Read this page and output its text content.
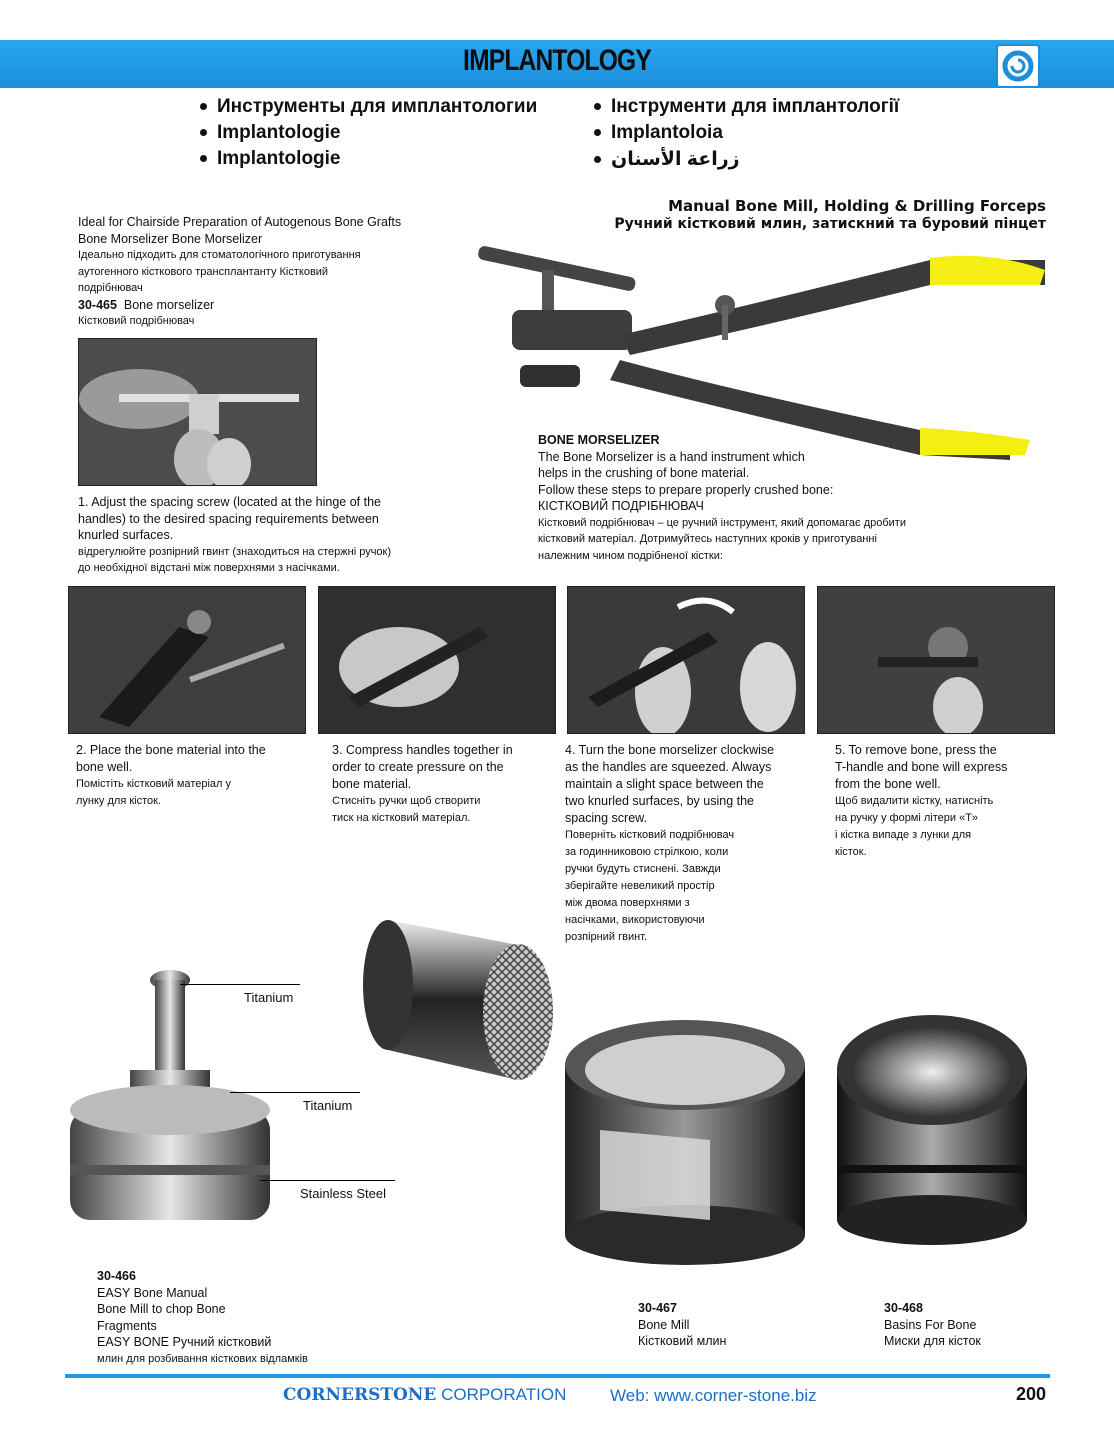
IMPLANTOLOGY
Инструменты для имплантологии
Implantologie
Implantologie
Інструменти для імплантології
Implantoloia
زراعة الأسنان
Manual Bone Mill, Holding & Drilling Forceps
Ручний кістковий млин, затискний та буровий пінцет
Ideal for Chairside Preparation of Autogenous Bone Grafts
Bone Morselizer Bone Morselizer
Ідеально підходить для стоматологічного приготування
аутогенного кісткового трансплантанту Кістковий
подрібнювач
30-465 Bone morselizer
Кістковий подрібнювач
BONE MORSELIZER
The Bone Morselizer is a hand instrument which
helps in the crushing of bone material.
Follow these steps to prepare properly crushed bone:
КІСТКОВИЙ ПОДРІБНЮВАЧ
Кістковий подрібнювач – це ручний інструмент, який допомагає дробити
кістковий матеріал. Дотримуйтесь наступних кроків у приготуванні
належним чином подрібненої кістки:
1. Adjust the spacing screw (located at the hinge of the
handles) to the desired spacing requirements between
knurled surfaces.
відрегулюйте розпірний гвинт (знаходиться на стержні ручок)
до необхідної відстані між поверхнями з насічками.
2. Place the bone material into the
bone well.
Помістіть кістковий матеріал у
лунку для кісток.
3. Compress handles together in
order to create pressure on the
bone material.
Стисніть ручки щоб створити
тиск на кістковий матеріал.
4. Turn the bone morselizer clockwise
as the handles are squeezed. Always
maintain a slight space between the
two knurled surfaces, by using the
spacing screw.
Поверніть кістковий подрібнювач
за годинниковою стрілкою, коли
ручки будуть стиснені. Завжди
зберігайте невеликий простір
між двома поверхнями з
насічками, використовуючи
розпірний гвинт.
5. To remove bone, press the
T-handle and bone will express
from the bone well.
Щоб видалити кістку, натисніть
на ручку у формі літери «T»
і кістка випаде з лунки для
кісток.
Titanium
Titanium
Stainless Steel
30-466
EASY Bone Manual
Bone Mill to chop Bone
Fragments
EASY BONE Ручний кістковий
млин для розбивання кісткових відламків
30-467
Bone Mill
Кістковий млин
30-468
Basins For Bone
Миски для кісток
CORNERSTONE CORPORATION	Web: www.corner-stone.biz	200
